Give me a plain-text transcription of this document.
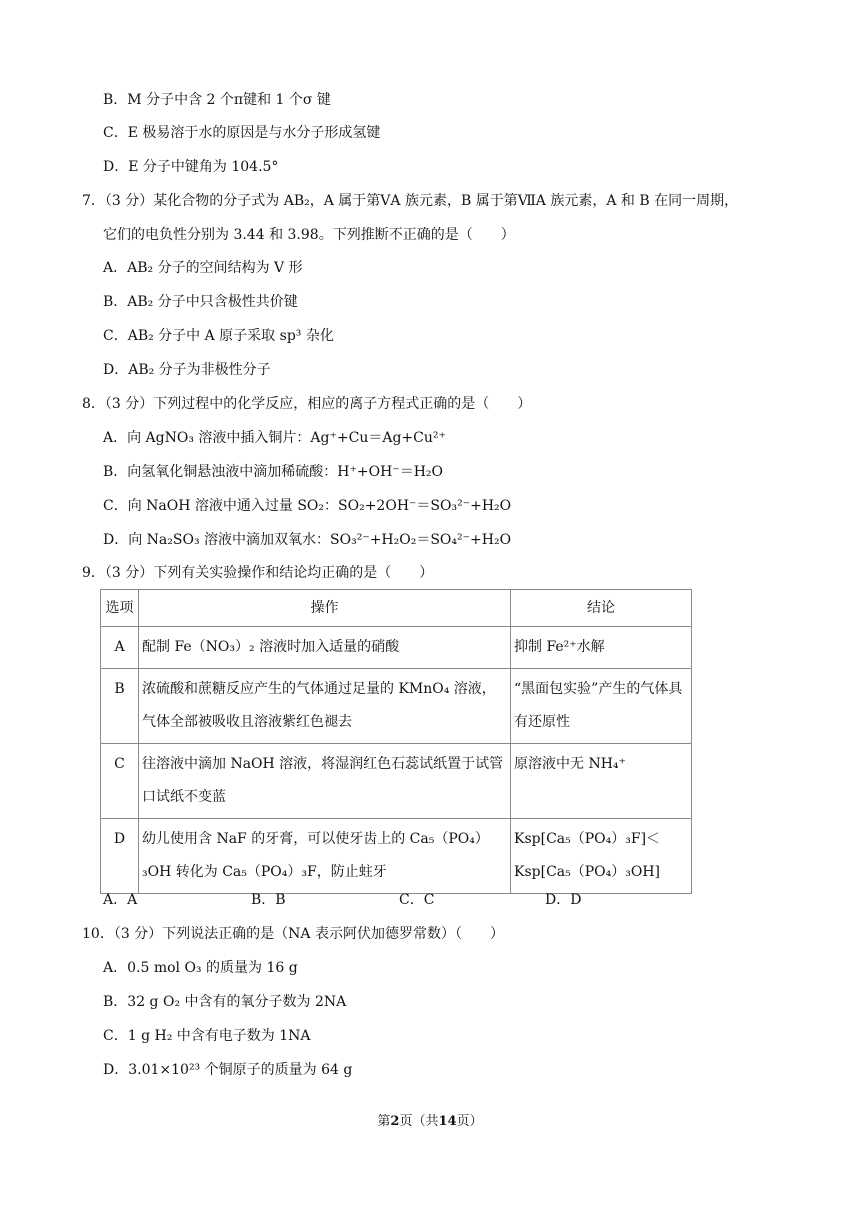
B．M 分子中含 2 个π键和 1 个σ 键
C．E 极易溶于水的原因是与水分子形成氢键
D．E 分子中键角为 104.5°
7．（3 分）某化合物的分子式为 AB₂，A 属于第ⅤA 族元素，B 属于第ⅦA 族元素，A 和 B 在同一周期，
它们的电负性分别为 3.44 和 3.98。下列推断不正确的是（　　）
A．AB₂ 分子的空间结构为 V 形
B．AB₂ 分子中只含极性共价键
C．AB₂ 分子中 A 原子采取 sp³ 杂化
D．AB₂ 分子为非极性分子
8．（3 分）下列过程中的化学反应，相应的离子方程式正确的是（　　）
A．向 AgNO₃ 溶液中插入铜片：Ag⁺+Cu＝Ag+Cu²⁺
B．向氢氧化铜悬浊液中滴加稀硫酸：H⁺+OH⁻＝H₂O
C．向 NaOH 溶液中通入过量 SO₂：SO₂+2OH⁻＝SO₃²⁻+H₂O
D．向 Na₂SO₃ 溶液中滴加双氧水：SO₃²⁻+H₂O₂＝SO₄²⁻+H₂O
9．（3 分）下列有关实验操作和结论均正确的是（　　）
选项	操作	结论
A	配制 Fe（NO₃）₂ 溶液时加入适量的硝酸	抑制 Fe²⁺水解
B	浓硫酸和蔗糖反应产生的气体通过足量的 KMnO₄ 溶液，气体全部被吸收且溶液紫红色褪去	“黑面包实验”产生的气体具有还原性
C	往溶液中滴加 NaOH 溶液，将湿润红色石蕊试纸置于试管口试纸不变蓝	原溶液中无 NH₄⁺
D	幼儿使用含 NaF 的牙膏，可以使牙齿上的 Ca₅（PO₄）₃OH 转化为 Ca₅（PO₄）₃F，防止蛀牙	Ksp[Ca₅（PO₄）₃F]＜Ksp[Ca₅（PO₄）₃OH]
A．A	B．B	C．C	D．D
10．（3 分）下列说法正确的是（NA 表示阿伏加德罗常数）（　　）
A．0.5 mol O₃ 的质量为 16 g
B．32 g O₂ 中含有的氧分子数为 2NA
C．1 g H₂ 中含有电子数为 1NA
D．3.01×10²³ 个铜原子的质量为 64 g
第2页（共14页）
